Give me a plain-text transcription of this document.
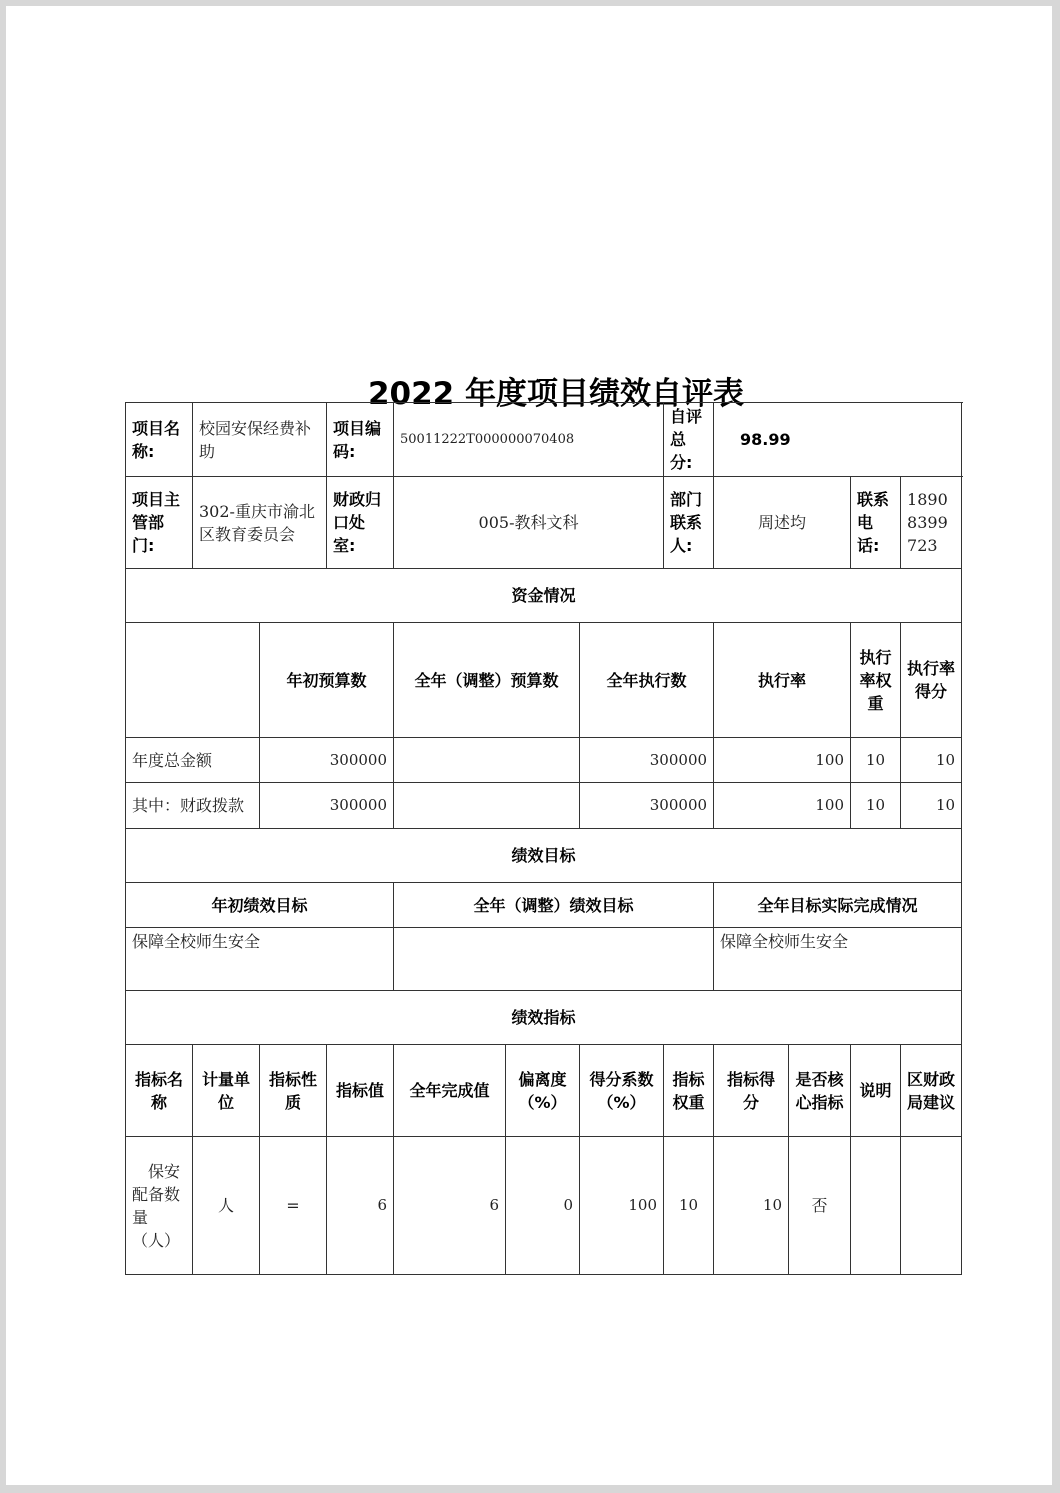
2022 年度项目绩效自评表
项目名称:	校园安保经费补助		项目编码:	50011222T000000070408			自评总分:	98.99			
项目主管部门:	302-重庆市渝北区教育委员会		财政归口处室:	005-教科文科			部门联系人:	周述均		联系电话:	18908399723
资金情况											
		年初预算数		全年（调整）预算数		全年执行数		执行率		执行率权重	执行率得分
年度总金额		300000				300000		100		10	10
其中：财政拨款		300000				300000		100		10	10
绩效目标											
年初绩效目标				全年（调整）绩效目标				全年目标实际完成情况			
保障全校师生安全								保障全校师生安全			
绩效指标											
指标名称	计量单位	指标性质	指标值	全年完成值	偏离度（%）	得分系数（%）	指标权重	指标得分	是否核心指标	说明	区财政局建议
保安配备数量（人）	人	=	6	6	0	100	10	10	否		
